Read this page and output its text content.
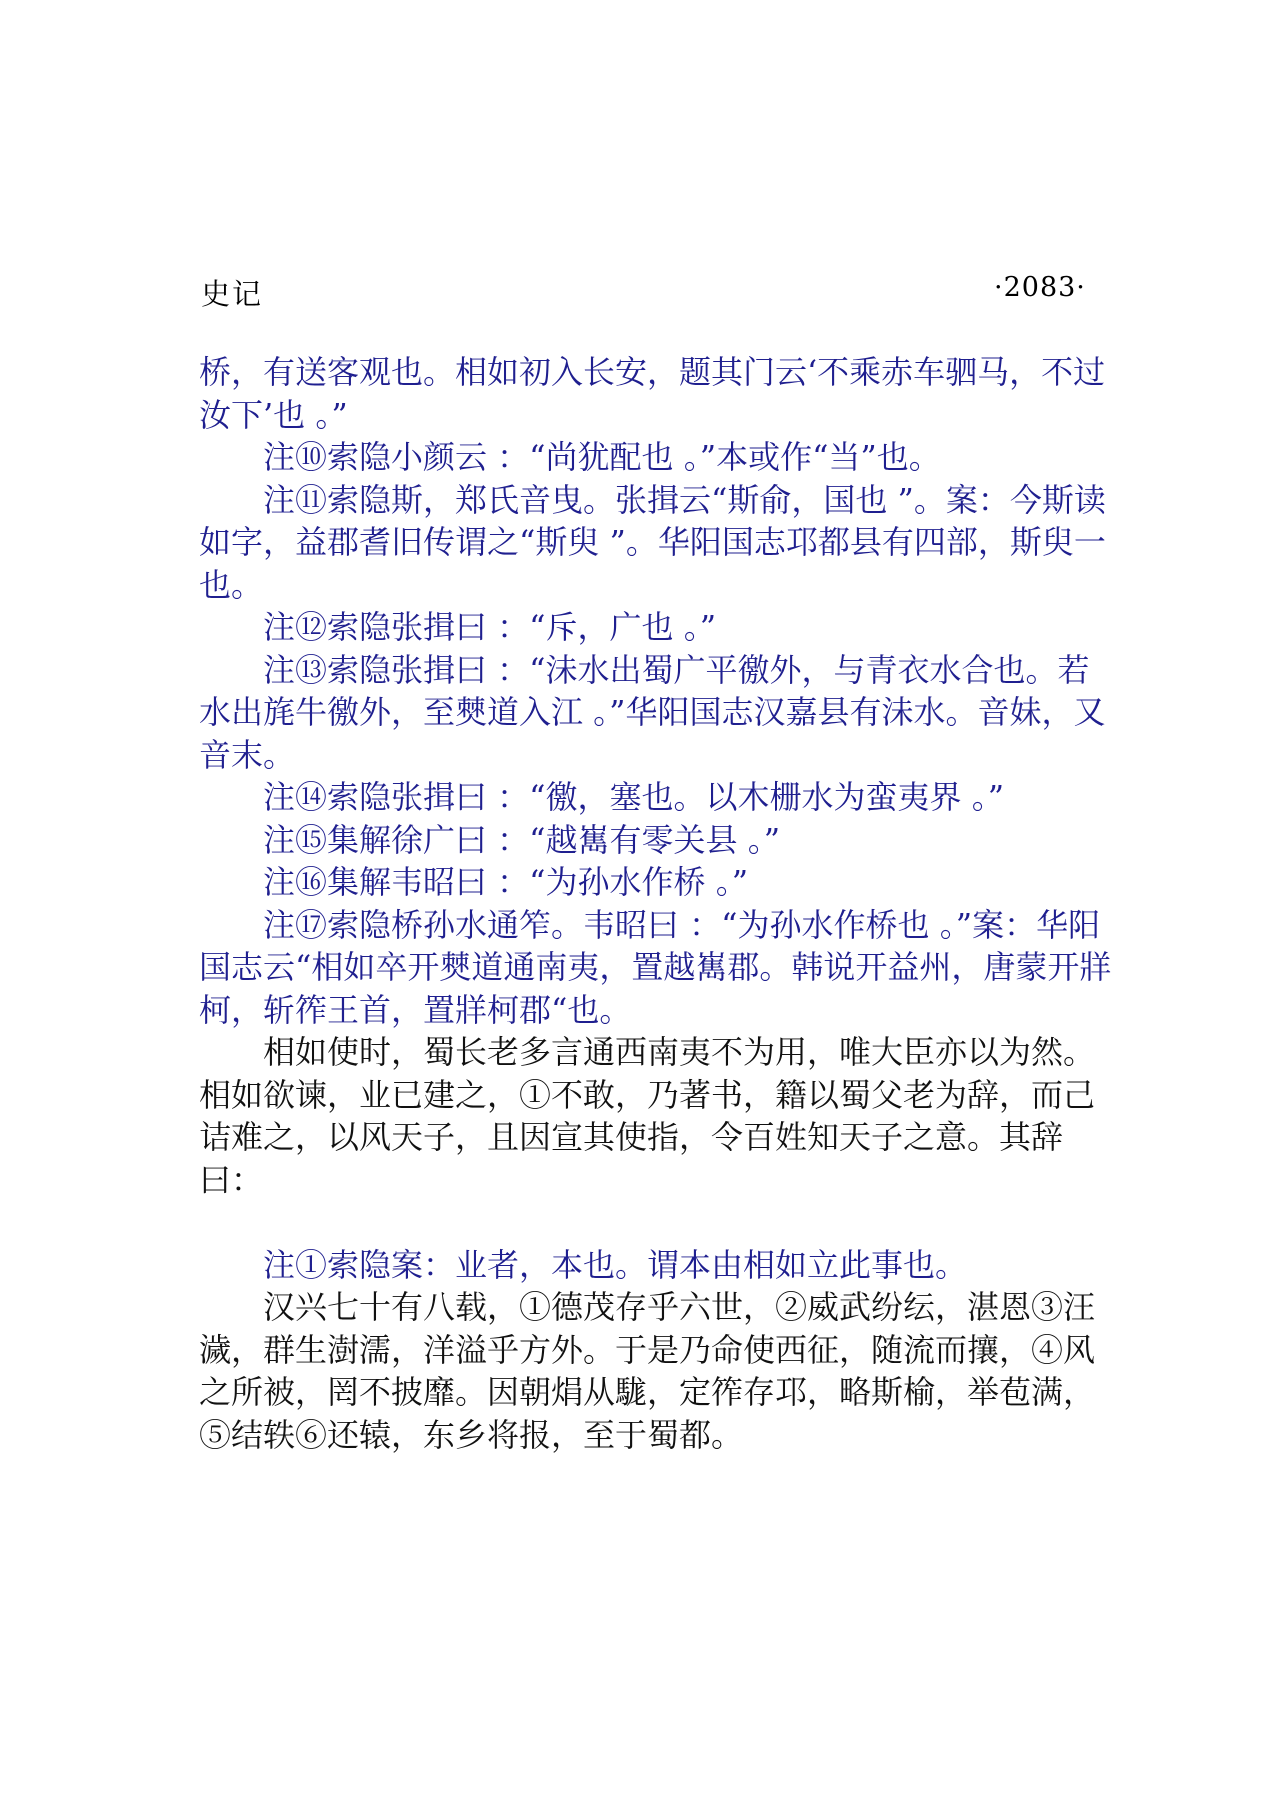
史记	·2083·

桥，有送客观也。相如初入长安，题其门云‘不乘赤车驷马，不过汝下’也 。”

注⑩索隐小颜云 ：“尚犹配也 。”本或作“当”也。

注⑪索隐斯，郑氏音曳。张揖云“斯俞，国也 ”。案：今斯读如字，益郡耆旧传谓之“斯臾 ”。华阳国志邛都县有四部，斯臾一也。

注⑫索隐张揖曰 ：“斥，广也 。”

注⑬索隐张揖曰 ：“沬水出蜀广平徼外，与青衣水合也。若水出旄牛徼外，至僰道入江 。”华阳国志汉嘉县有沬水。音妹，又音末。

注⑭索隐张揖曰 ：“徼，塞也。以木栅水为蛮夷界 。”

注⑮集解徐广曰 ：“越嶲有零关县 。”

注⑯集解韦昭曰 ：“为孙水作桥 。”

注⑰索隐桥孙水通笮。韦昭曰 ：“为孙水作桥也 。”案：华阳国志云“相如卒开僰道通南夷，置越嶲郡。韩说开益州，唐蒙开牂柯，斩筰王首，置牂柯郡“也。

相如使时，蜀长老多言通西南夷不为用，唯大臣亦以为然。相如欲谏，业已建之，①不敢，乃著书，籍以蜀父老为辞，而己诘难之，以风天子，且因宣其使指，令百姓知天子之意。其辞曰：

注①索隐案：业者，本也。谓本由相如立此事也。

汉兴七十有八载，①德茂存乎六世，②威武纷纭，湛恩③汪濊，群生澍濡，洋溢乎方外。于是乃命使西征，随流而攘，④风之所被，罔不披靡。因朝焆从駹，定筰存邛，略斯榆，举苞满，⑤结轶⑥还辕，东乡将报，至于蜀都。
